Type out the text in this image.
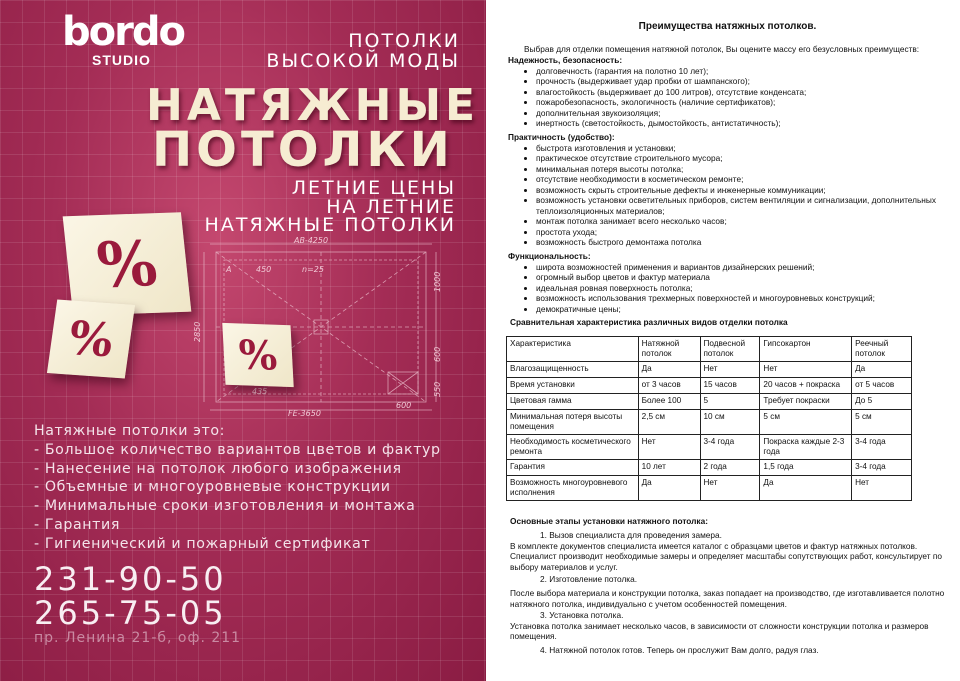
bordo
STUDIO
ПОТОЛКИ
ВЫСОКОЙ МОДЫ
НАТЯЖНЫЕ
ПОТОЛКИ
ЛЕТНИЕ ЦЕНЫ
НА ЛЕТНИЕ
НАТЯЖНЫЕ ПОТОЛКИ
AB-4250
FE-3650
n=25
A	450
435
600
1000
2850
600
550
%
%	%
Натяжные потолки это:
- Большое количество вариантов цветов и фактур
- Нанесение на потолок любого изображения
- Объемные и многоуровневые конструкции
- Минимальные сроки изготовления и монтажа
- Гарантия
- Гигиенический и пожарный сертификат
231-90-50
265-75-05
пр. Ленина 21-б, оф. 211
Преимущества натяжных потолков.
Выбрав для отделки помещения натяжной потолок, Вы оцените массу его безусловных преимуществ:
Надежность, безопасность:
• долговечность (гарантия на полотно 10 лет);
• прочность (выдерживает удар пробки от шампанского);
• влагостойкость (выдерживает до 100 литров), отсутствие конденсата;
• пожаробезопасность, экологичность (наличие сертификатов);
• дополнительная звукоизоляция;
• инертность (светостойкость, дымостойкость, антистатичность);
Практичность (удобство):
• быстрота изготовления и установки;
• практическое отсутствие строительного мусора;
• минимальная потеря высоты потолка;
• отсутствие необходимости в косметическом ремонте;
• возможность скрыть строительные дефекты и инженерные коммуникации;
• возможность установки осветительных приборов, систем вентиляции и сигнализации, дополнительных теплоизоляционных материалов;
• монтаж потолка занимает всего несколько часов;
• простота ухода;
• возможность быстрого демонтажа потолка
Функциональность:
• широта возможностей применения и вариантов дизайнерских решений;
• огромный выбор цветов и фактур материала
• идеальная ровная поверхность потолка;
• возможность использования трехмерных поверхностей и многоуровневых конструкций;
• демократичные цены;
Сравнительная характеристика различных видов отделки потолка
Характеристика	Натяжной потолок	Подвесной потолок	Гипсокартон	Реечный потолок
Влагозащищенность	Да	Нет	Нет	Да
Время установки	от 3 часов	15 часов	20 часов + покраска	от 5 часов
Цветовая гамма	Более 100	5	Требует покраски	До 5
Минимальная потеря высоты помещения	2,5 см	10 см	5 см	5 см
Необходимость косметического ремонта	Нет	3-4 года	Покраска каждые 2-3 года	3-4 года
Гарантия	10 лет	2 года	1,5 года	3-4 года
Возможность многоуровневого исполнения	Да	Нет	Да	Нет
Основные этапы установки натяжного потолка:
1. Вызов специалиста для проведения замера.
В комплекте документов специалиста имеется каталог с образцами цветов и фактур натяжных потолков. Специалист производит необходимые замеры и определяет масштабы сопутствующих работ, консультирует по выбору материалов и услуг.
2. Изготовление потолка.
После выбора материала и конструкции потолка, заказ попадает на производство, где изготавливается полотно натяжного потолка, индивидуально с учетом особенностей помещения.
3. Установка потолка.
Установка потолка занимает несколько часов, в зависимости от сложности конструкции потолка и размеров помещения.
4. Натяжной потолок готов. Теперь он прослужит Вам долго, радуя глаз.
